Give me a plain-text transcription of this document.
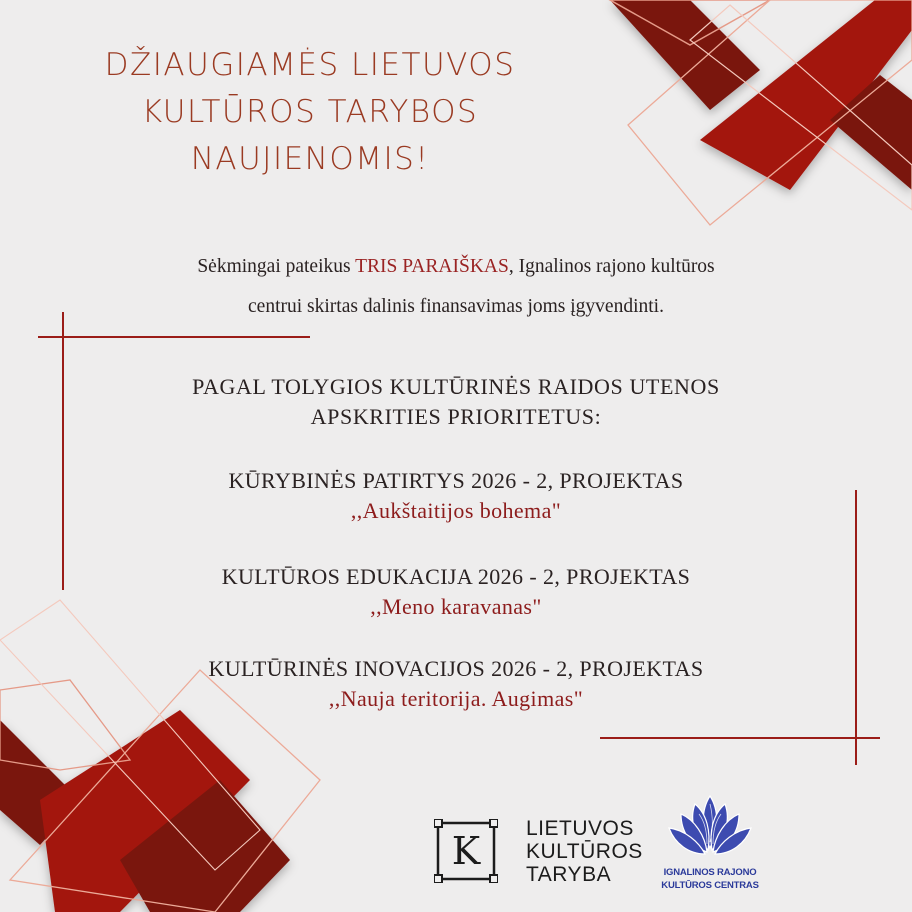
DŽIAUGIAMĖS LIETUVOS
KULTŪROS TARYBOS
NAUJIENOMIS!
Sėkmingai pateikus TRIS PARAIŠKAS, Ignalinos rajono kultūros
centrui skirtas dalinis finansavimas joms įgyvendinti.
PAGAL TOLYGIOS KULTŪRINĖS RAIDOS UTENOS
APSKRITIES PRIORITETUS:
KŪRYBINĖS PATIRTYS 2026 - 2, PROJEKTAS
,,Aukštaitijos bohema"
KULTŪROS EDUKACIJA 2026 - 2, PROJEKTAS
,,Meno karavanas"
KULTŪRINĖS INOVACIJOS 2026 - 2, PROJEKTAS
,,Nauja teritorija. Augimas"
K
LIETUVOS
KULTŪROS
TARYBA	IGNALINOS RAJONO
KULTŪROS CENTRAS
